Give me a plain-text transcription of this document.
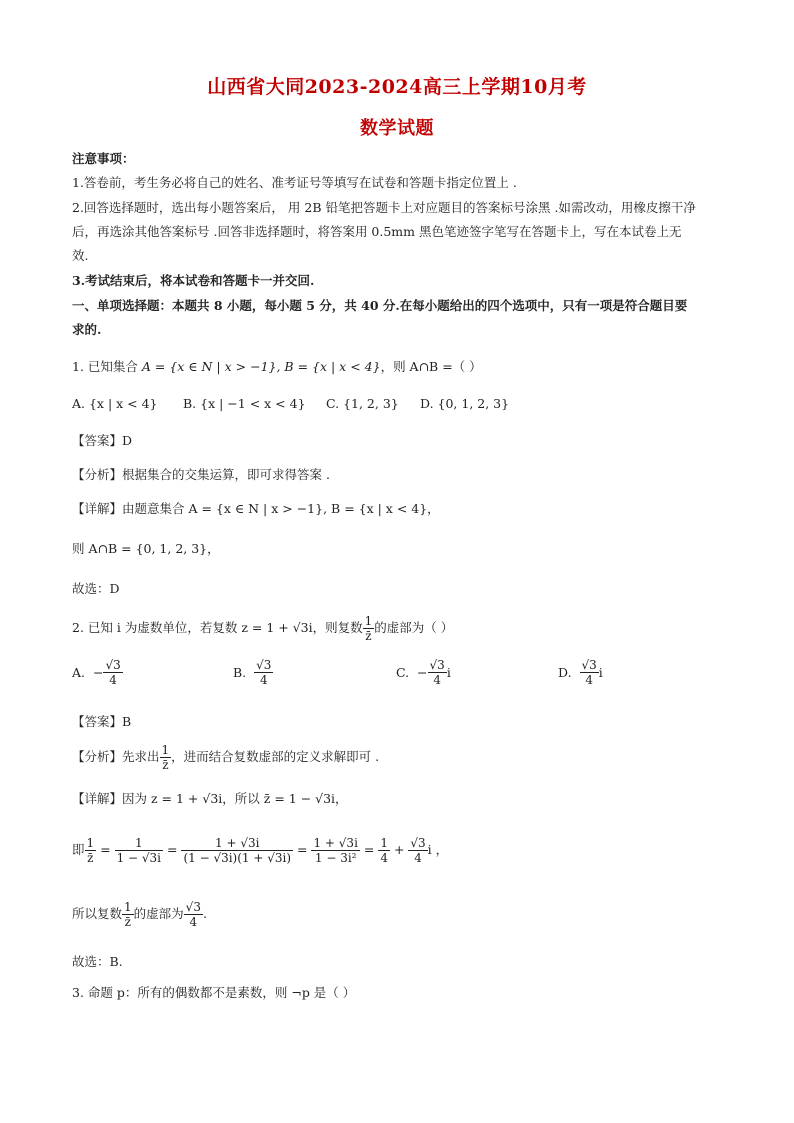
山西省大同2023-2024高三上学期10月考
数学试题
注意事项：
1.答卷前，考生务必将自己的姓名、准考证号等填写在试卷和答题卡指定位置上 .
2.回答选择题时，选出每小题答案后， 用 2B 铅笔把答题卡上对应题目的答案标号涂黑 .如需改动，用橡皮擦干净
后，再选涂其他答案标号 .回答非选择题时，将答案用 0.5mm 黑色笔迹签字笔写在答题卡上，写在本试卷上无
效.
3.考试结束后，将本试卷和答题卡一并交回.
一、单项选择题：本题共 8 小题，每小题 5 分，共 40 分.在每小题给出的四个选项中，只有一项是符合题目要
求的.
1. 已知集合 A = {x ∈ N | x > −1}, B = {x | x < 4}，则 A∩B =（ ）
A. {x | x < 4} B. {x | −1 < x < 4} C. {1, 2, 3} D. {0, 1, 2, 3}
【答案】D
【分析】根据集合的交集运算，即可求得答案 .
【详解】由题意集合 A = {x ∈ N | x > −1}, B = {x | x < 4}，
则 A∩B = {0, 1, 2, 3}，
故选：D
2. 已知 i 为虚数单位，若复数 z = 1 + √3i，则复数 $\frac{1}{z̄}$ 的虚部为（ ）
A.
− $\frac{√3}{4}$	B.
$\frac{√3}{4}$	C.
− $\frac{√3}{4}$ i	D.
$\frac{√3}{4}$ i
【答案】B
【分析】 先求出 $\frac{1}{z̄}$ ，进而结合复数虚部的定义求解即可 .
【详解】因为 z = 1 + √3i，所以 z̄ = 1 − √3i，
即 $\frac{1}{z̄} = \frac{1}{1 - √3i} = \frac{1 + √3i}{(1 - √3i)(1 + √3i)} = \frac{1 + √3i}{\text{1 − 3i²}} = \frac{1}{4} + \frac{√3}{4}$ i ，
所以复数 $\frac{1}{z̄}$ 的虚部为 $\frac{√3}{4}$ .
故选：B.
3. 命题 p：所有的偶数都不是素数，则 ¬p 是（ ）
